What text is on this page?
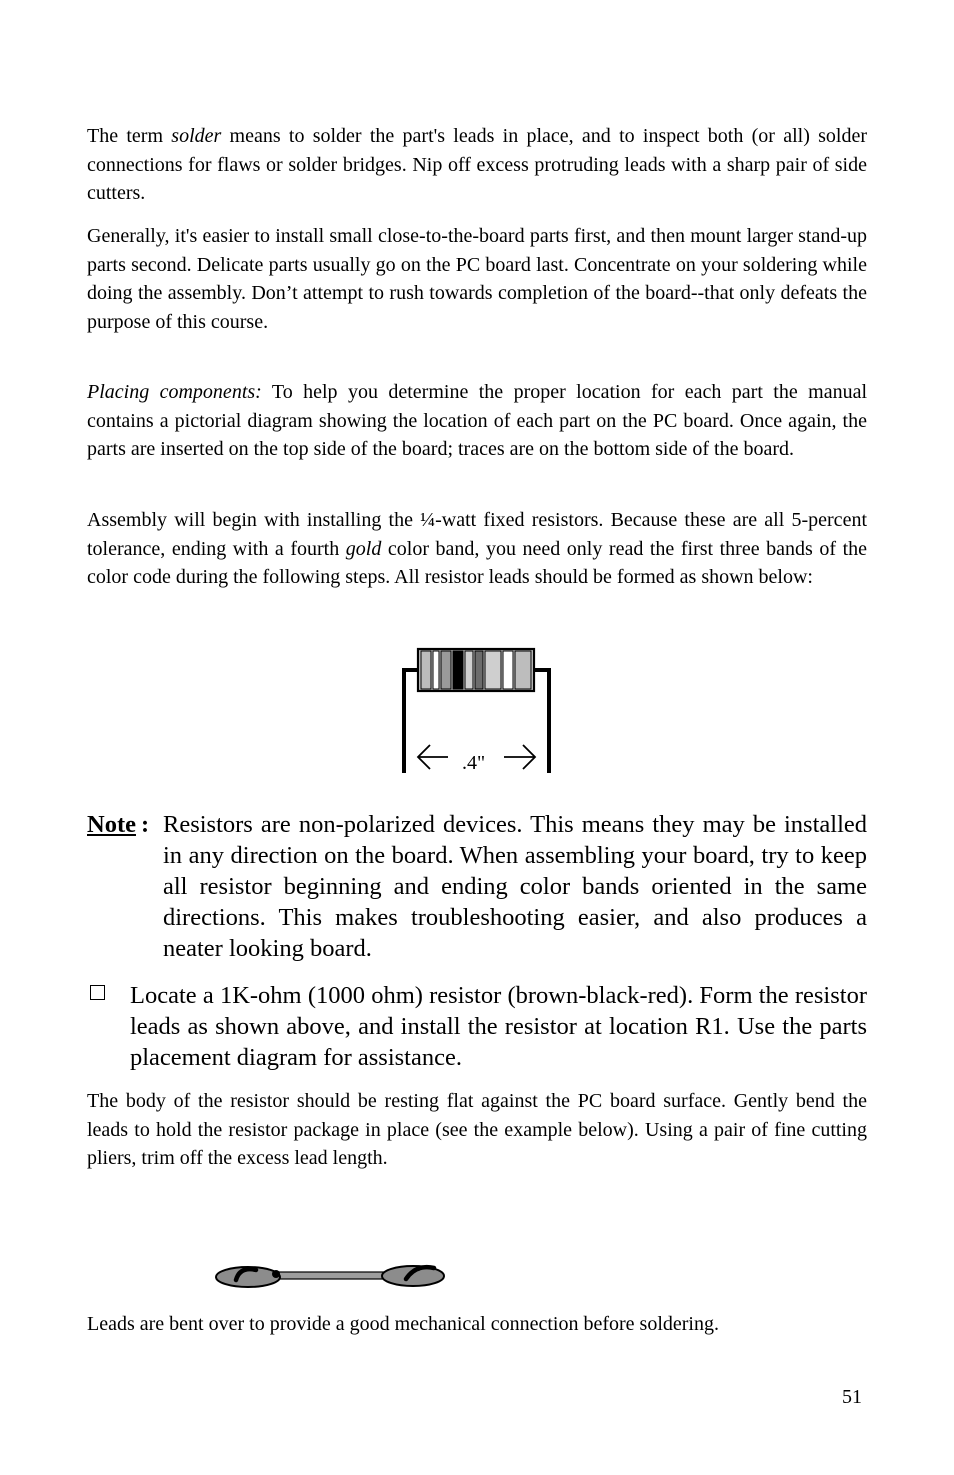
The term solder means to solder the part's leads in place, and to inspect both (or all) solder connections for flaws or solder bridges. Nip off excess protruding leads with a sharp pair of side cutters.

Generally, it's easier to install small close-to-the-board parts first, and then mount larger stand-up parts second. Delicate parts usually go on the PC board last. Concentrate on your soldering while doing the assembly. Don’t attempt to rush towards completion of the board--that only defeats the purpose of this course.

Placing components: To help you determine the proper location for each part the manual contains a pictorial diagram showing the location of each part on the PC board. Once again, the parts are inserted on the top side of the board; traces are on the bottom side of the board.

Assembly will begin with installing the ¼-watt fixed resistors. Because these are all 5-percent tolerance, ending with a fourth gold color band, you need only read the first three bands of the color code during the following steps. All resistor leads should be formed as shown below:

.4"
Note : Resistors are non-polarized devices. This means they may be installed in any direction on the board. When assembling your board, try to keep all resistor beginning and ending color bands oriented in the same directions. This makes troubleshooting easier, and also produces a neater looking board.
Locate a 1K-ohm (1000 ohm) resistor (brown-black-red). Form the resistor leads as shown above, and install the resistor at location R1. Use the parts placement diagram for assistance.

The body of the resistor should be resting flat against the PC board surface. Gently bend the leads to hold the resistor package in place (see the example below). Using a pair of fine cutting pliers, trim off the excess lead length.

Leads are bent over to provide a good mechanical connection before soldering.
51
